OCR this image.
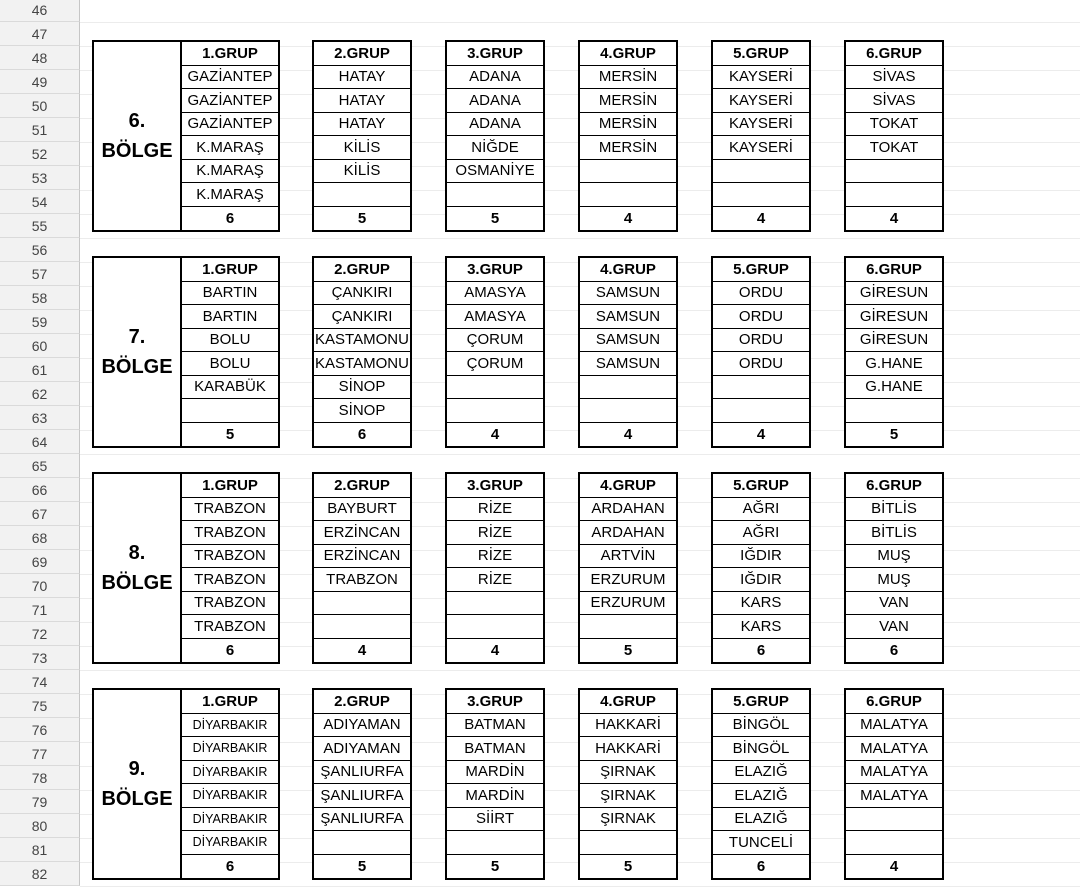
46
47
48
49
50
51
52
53
54
55
56
57
58
59
60
61
62
63
64
65
66
67
68
69
70
71
72
73
74
75
76
77
78
79
80
81
82
6.
BÖLGE
1.GRUP
GAZİANTEP
GAZİANTEP
GAZİANTEP
K.MARAŞ
K.MARAŞ
K.MARAŞ
6
2.GRUP
HATAY
HATAY
HATAY
KİLİS
KİLİS
5
3.GRUP
ADANA
ADANA
ADANA
NİĞDE
OSMANİYE
5
4.GRUP
MERSİN
MERSİN
MERSİN
MERSİN
4
5.GRUP
KAYSERİ
KAYSERİ
KAYSERİ
KAYSERİ
4
6.GRUP
SİVAS
SİVAS
TOKAT
TOKAT
4
7.
BÖLGE
1.GRUP
BARTIN
BARTIN
BOLU
BOLU
KARABÜK
5
2.GRUP
ÇANKIRI
ÇANKIRI
KASTAMONU
KASTAMONU
SİNOP
SİNOP
6
3.GRUP
AMASYA
AMASYA
ÇORUM
ÇORUM
4
4.GRUP
SAMSUN
SAMSUN
SAMSUN
SAMSUN
4
5.GRUP
ORDU
ORDU
ORDU
ORDU
4
6.GRUP
GİRESUN
GİRESUN
GİRESUN
G.HANE
G.HANE
5
8.
BÖLGE
1.GRUP
TRABZON
TRABZON
TRABZON
TRABZON
TRABZON
TRABZON
6
2.GRUP
BAYBURT
ERZİNCAN
ERZİNCAN
TRABZON
4
3.GRUP
RİZE
RİZE
RİZE
RİZE
4
4.GRUP
ARDAHAN
ARDAHAN
ARTVİN
ERZURUM
ERZURUM
5
5.GRUP
AĞRI
AĞRI
IĞDIR
IĞDIR
KARS
KARS
6
6.GRUP
BİTLİS
BİTLİS
MUŞ
MUŞ
VAN
VAN
6
9.
BÖLGE
1.GRUP
DİYARBAKIR
DİYARBAKIR
DİYARBAKIR
DİYARBAKIR
DİYARBAKIR
DİYARBAKIR
6
2.GRUP
ADIYAMAN
ADIYAMAN
ŞANLIURFA
ŞANLIURFA
ŞANLIURFA
5
3.GRUP
BATMAN
BATMAN
MARDİN
MARDİN
SİİRT
5
4.GRUP
HAKKARİ
HAKKARİ
ŞIRNAK
ŞIRNAK
ŞIRNAK
5
5.GRUP
BİNGÖL
BİNGÖL
ELAZIĞ
ELAZIĞ
ELAZIĞ
TUNCELİ
6
6.GRUP
MALATYA
MALATYA
MALATYA
MALATYA
4
